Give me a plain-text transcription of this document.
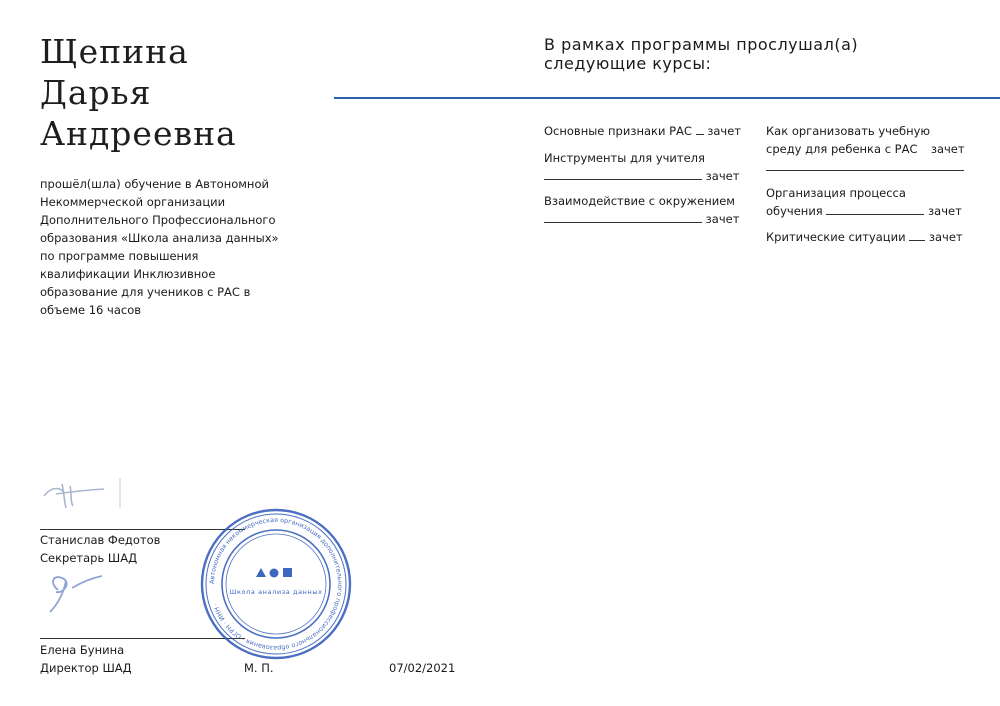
Щепина
Дарья
Андреевна
прошёл(шла) обучение в Автономной Некоммерческой организации Дополнительного Профессионального образования «Школа анализа данных» по программе повышения квалификации Инклюзивное образование для учеников с РАС в объеме 16 часов
В рамках программы прослушал(а) следующие курсы:
Основные признаки РАС зачет
Инструменты для учителя
зачет
Взаимодействие с окружением
зачет
Как организовать учебную
среду для ребенка с РАС зачет
Организация процесса
обучения	зачет
Критические ситуации зачет
Станислав Федотов
Секретарь ШАД
Елена Бунина
Директор ШАД	М. П.	07/02/2021
Автономная некоммерческая организация дополнительного профессионального образования · ОГРН · ИНН ·
Школа анализа данных
